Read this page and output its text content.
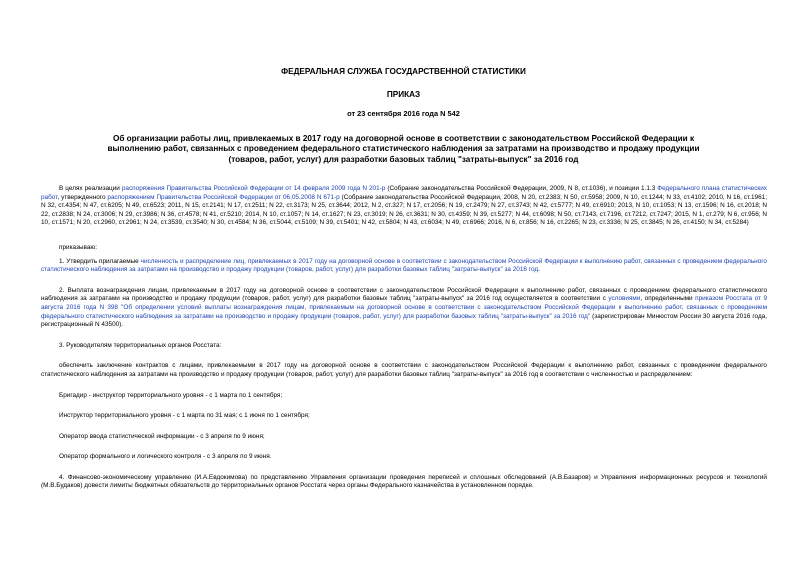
ФЕДЕРАЛЬНАЯ СЛУЖБА ГОСУДАРСТВЕННОЙ СТАТИСТИКИ
ПРИКАЗ
от 23 сентября 2016 года N 542
Об организации работы лиц, привлекаемых в 2017 году на договорной основе в соответствии с законодательством Российской Федерации к выполнению работ, связанных с проведением федерального статистического наблюдения за затратами на производство и продажу продукции (товаров, работ, услуг) для разработки базовых таблиц "затраты-выпуск" за 2016 год

В целях реализации распоряжения Правительства Российской Федерации от 14 февраля 2009 года N 201-р (Собрание законодательства Российской Федерации, 2009, N 8, ст.1036), и позиции 1.1.3 Федерального плана статистических работ, утвержденного распоряжением Правительства Российской Федерации от 06.05.2008 N 671-р (Собрание законодательства Российской Федерации, 2008, N 20, ст.2383; N 50, ст.5958; 2009, N 10, ст.1244; N 33, ст.4102; 2010, N 16, ст.1961; N 32, ст.4354; N 47, ст.6205; N 49, ст.6523; 2011, N 15, ст.2141; N 17, ст.2511; N 22, ст.3173; N 25, ст.3644; 2012, N 2, ст.327; N 17, ст.2056; N 19, ст.2479; N 27, ст.3743; N 42, ст.5777; N 49, ст.6910; 2013, N 10, ст.1053; N 13, ст.1596; N 16, ст.2018; N 22, ст.2838; N 24, ст.3006; N 29, ст.3986; N 36, ст.4578; N 41, ст.5210; 2014, N 10, ст.1057; N 14, ст.1627; N 23, ст.3019; N 26, ст.3631; N 30, ст.4359; N 39, ст.5277; N 44, ст.6098; N 50, ст.7143, ст.7196, ст.7212, ст.7247; 2015, N 1, ст.279; N 6, ст.956; N 10, ст.1571; N 20, ст.2960, ст.2961; N 24, ст.3539, ст.3540; N 30, ст.4584; N 36, ст.5044, ст.5109; N 39, ст.5401; N 42, ст.5804; N 43, ст.6034; N 49, ст.6966; 2016, N 6, ст.856; N 16, ст.2265; N 23, ст.3336; N 25, ст.3845; N 26, ст.4150; N 34, ст.5284)

приказываю:

1. Утвердить прилагаемые численность и распределение лиц, привлекаемых в 2017 году на договорной основе в соответствии с законодательством Российской Федерации к выполнению работ, связанных с проведением федерального статистического наблюдения за затратами на производство и продажу продукции (товаров, работ, услуг) для разработки базовых таблиц "затраты-выпуск" за 2016 год.

2. Выплата вознаграждения лицам, привлекаемым в 2017 году на договорной основе в соответствии с законодательством Российской Федерации к выполнению работ, связанных с проведением федерального статистического наблюдения за затратами на производство и продажу продукции (товаров, работ, услуг) для разработки базовых таблиц "затраты-выпуск" за 2016 год осуществляется в соответствии с условиями, определенными приказом Росстата от 9 августа 2016 года N 398 "Об определении условий выплаты вознаграждения лицам, привлекаемым на договорной основе в соответствии с законодательством Российской Федерации к выполнению работ, связанных с проведением федерального статистического наблюдения за затратами на производство и продажу продукции (товаров, работ, услуг) для разработки базовых таблиц "затраты-выпуск" за 2016 год" (зарегистрирован Минюстом России 30 августа 2016 года, регистрационный N 43500).

3. Руководителям территориальных органов Росстата:

обеспечить заключение контрактов с лицами, привлекаемыми в 2017 году на договорной основе в соответствии с законодательством Российской Федерации к выполнению работ, связанных с проведением федерального статистического наблюдения за затратами на производство и продажу продукции (товаров, работ, услуг) для разработки базовых таблиц "затраты-выпуск" за 2016 год в соответствии с численностью и распределением:

Бригадир - инструктор территориального уровня - с 1 марта по 1 сентября;

Инструктор территориального уровня - с 1 марта по 31 мая; с 1 июня по 1 сентября;

Оператор ввода статистической информации - с 3 апреля по 9 июня;

Оператор формального и логического контроля - с 3 апреля по 9 июня.

4. Финансово-экономическому управлению (И.А.Евдокимова) по представлению Управления организации проведения переписей и сплошных обследований (А.В.Базаров) и Управления информационных ресурсов и технологий (М.В.Будаков) довести лимиты бюджетных обязательств до территориальных органов Росстата через органы Федерального казначейства в установленном порядке.
